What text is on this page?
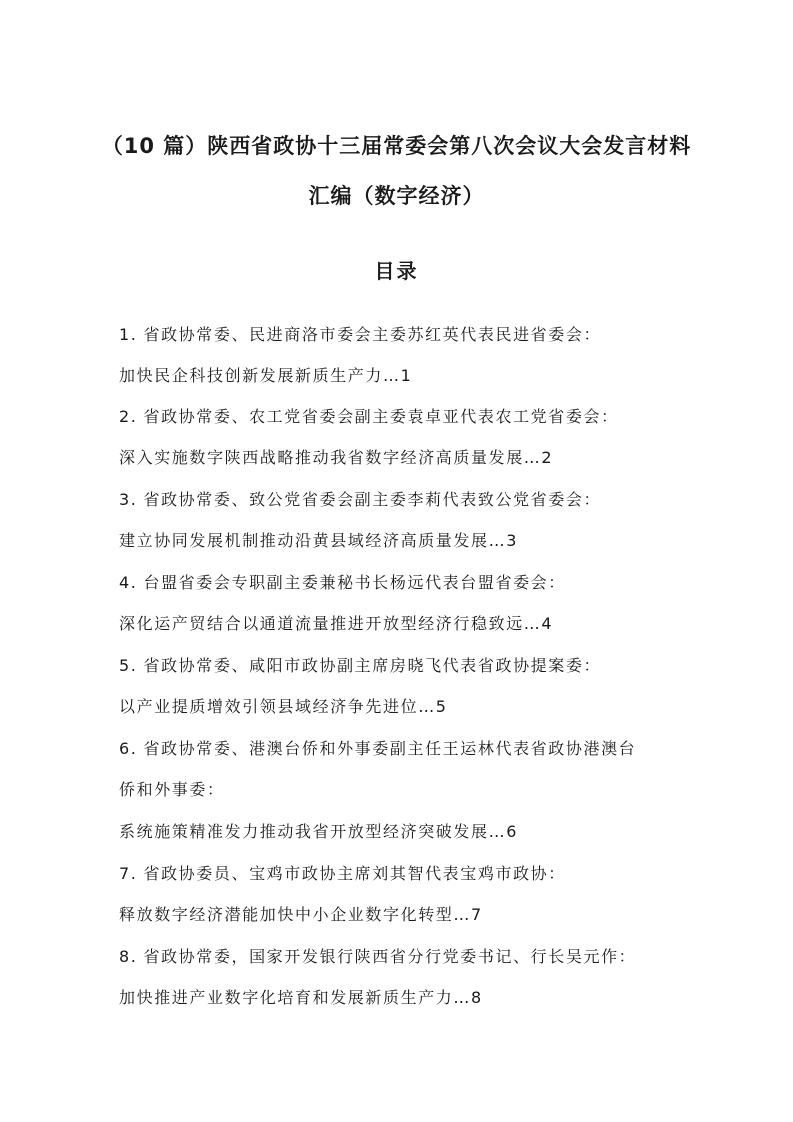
（10 篇）陕西省政协十三届常委会第八次会议大会发言材料
汇编（数字经济）
目录
1. 省政协常委、民进商洛市委会主委苏红英代表民进省委会：
加快民企科技创新发展新质生产力…1
2. 省政协常委、农工党省委会副主委袁卓亚代表农工党省委会：
深入实施数字陕西战略推动我省数字经济高质量发展…2
3. 省政协常委、致公党省委会副主委李莉代表致公党省委会：
建立协同发展机制推动沿黄县域经济高质量发展…3
4. 台盟省委会专职副主委兼秘书长杨远代表台盟省委会：
深化运产贸结合以通道流量推进开放型经济行稳致远…4
5. 省政协常委、咸阳市政协副主席房晓飞代表省政协提案委：
以产业提质增效引领县域经济争先进位…5
6. 省政协常委、港澳台侨和外事委副主任王运林代表省政协港澳台
侨和外事委：
系统施策精准发力推动我省开放型经济突破发展…6
7. 省政协委员、宝鸡市政协主席刘其智代表宝鸡市政协：
释放数字经济潜能加快中小企业数字化转型…7
8. 省政协常委，国家开发银行陕西省分行党委书记、行长吴元作：
加快推进产业数字化培育和发展新质生产力…8
